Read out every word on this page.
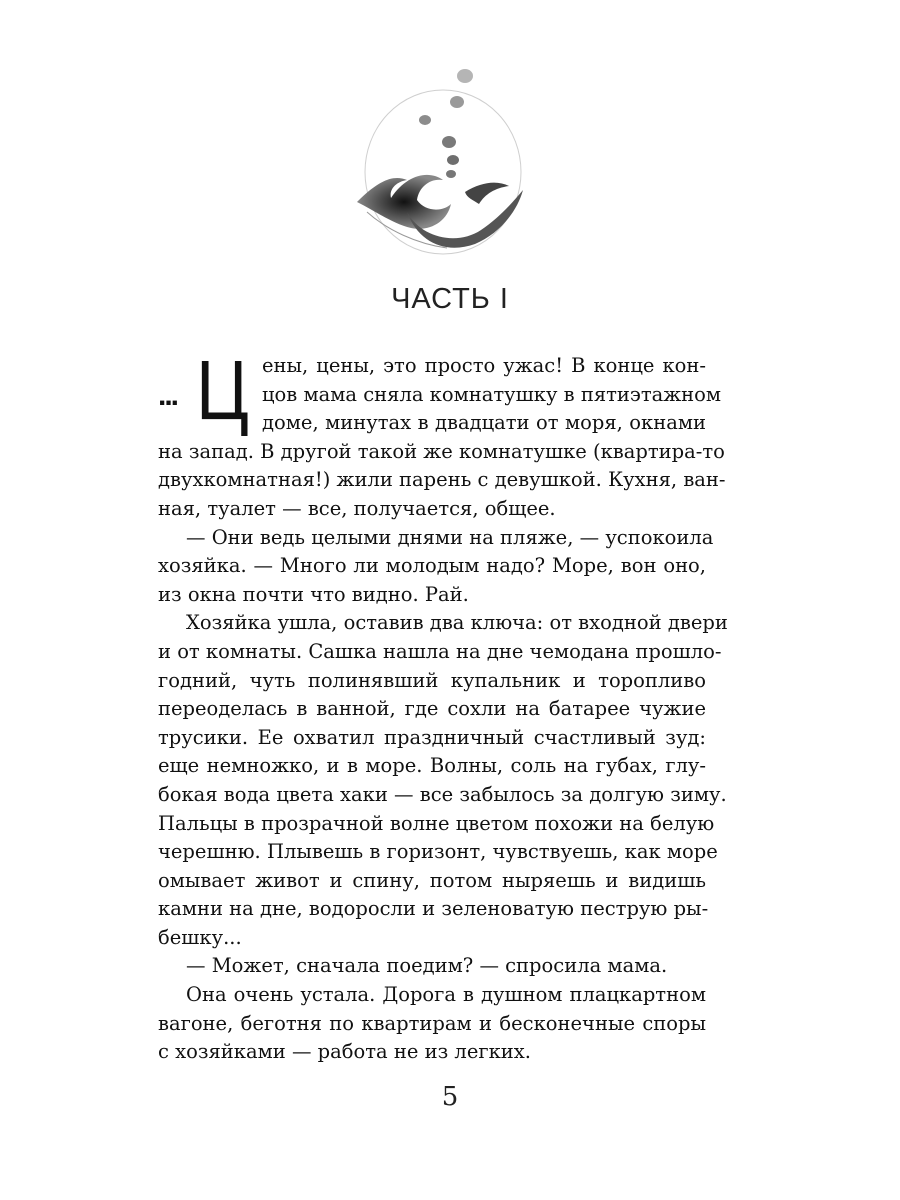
ЧАСТЬ I
... Ц ены, цены, это просто ужас! В конце кон-
цов мама сняла комнатушку в пятиэтажном
доме, минутах в двадцати от моря, окнами
на запад. В другой такой же комнатушке (квартира-то
двухкомнатная!) жили парень с девушкой. Кухня, ван-
ная, туалет — все, получается, общее.
— Они ведь целыми днями на пляже, — успокоила
хозяйка. — Много ли молодым надо? Море, вон оно,
из окна почти что видно. Рай.
Хозяйка ушла, оставив два ключа: от входной двери
и от комнаты. Сашка нашла на дне чемодана прошло-
годний, чуть полинявший купальник и торопливо
переоделась в ванной, где сохли на батарее чужие
трусики. Ее охватил праздничный счастливый зуд:
еще немножко, и в море. Волны, соль на губах, глу-
бокая вода цвета хаки — все забылось за долгую зиму.
Пальцы в прозрачной волне цветом похожи на белую
черешню. Плывешь в горизонт, чувствуешь, как море
омывает живот и спину, потом ныряешь и видишь
камни на дне, водоросли и зеленоватую пеструю ры-
бешку...
— Может, сначала поедим? — спросила мама.
Она очень устала. Дорога в душном плацкартном
вагоне, беготня по квартирам и бесконечные споры
с хозяйками — работа не из легких.
5
